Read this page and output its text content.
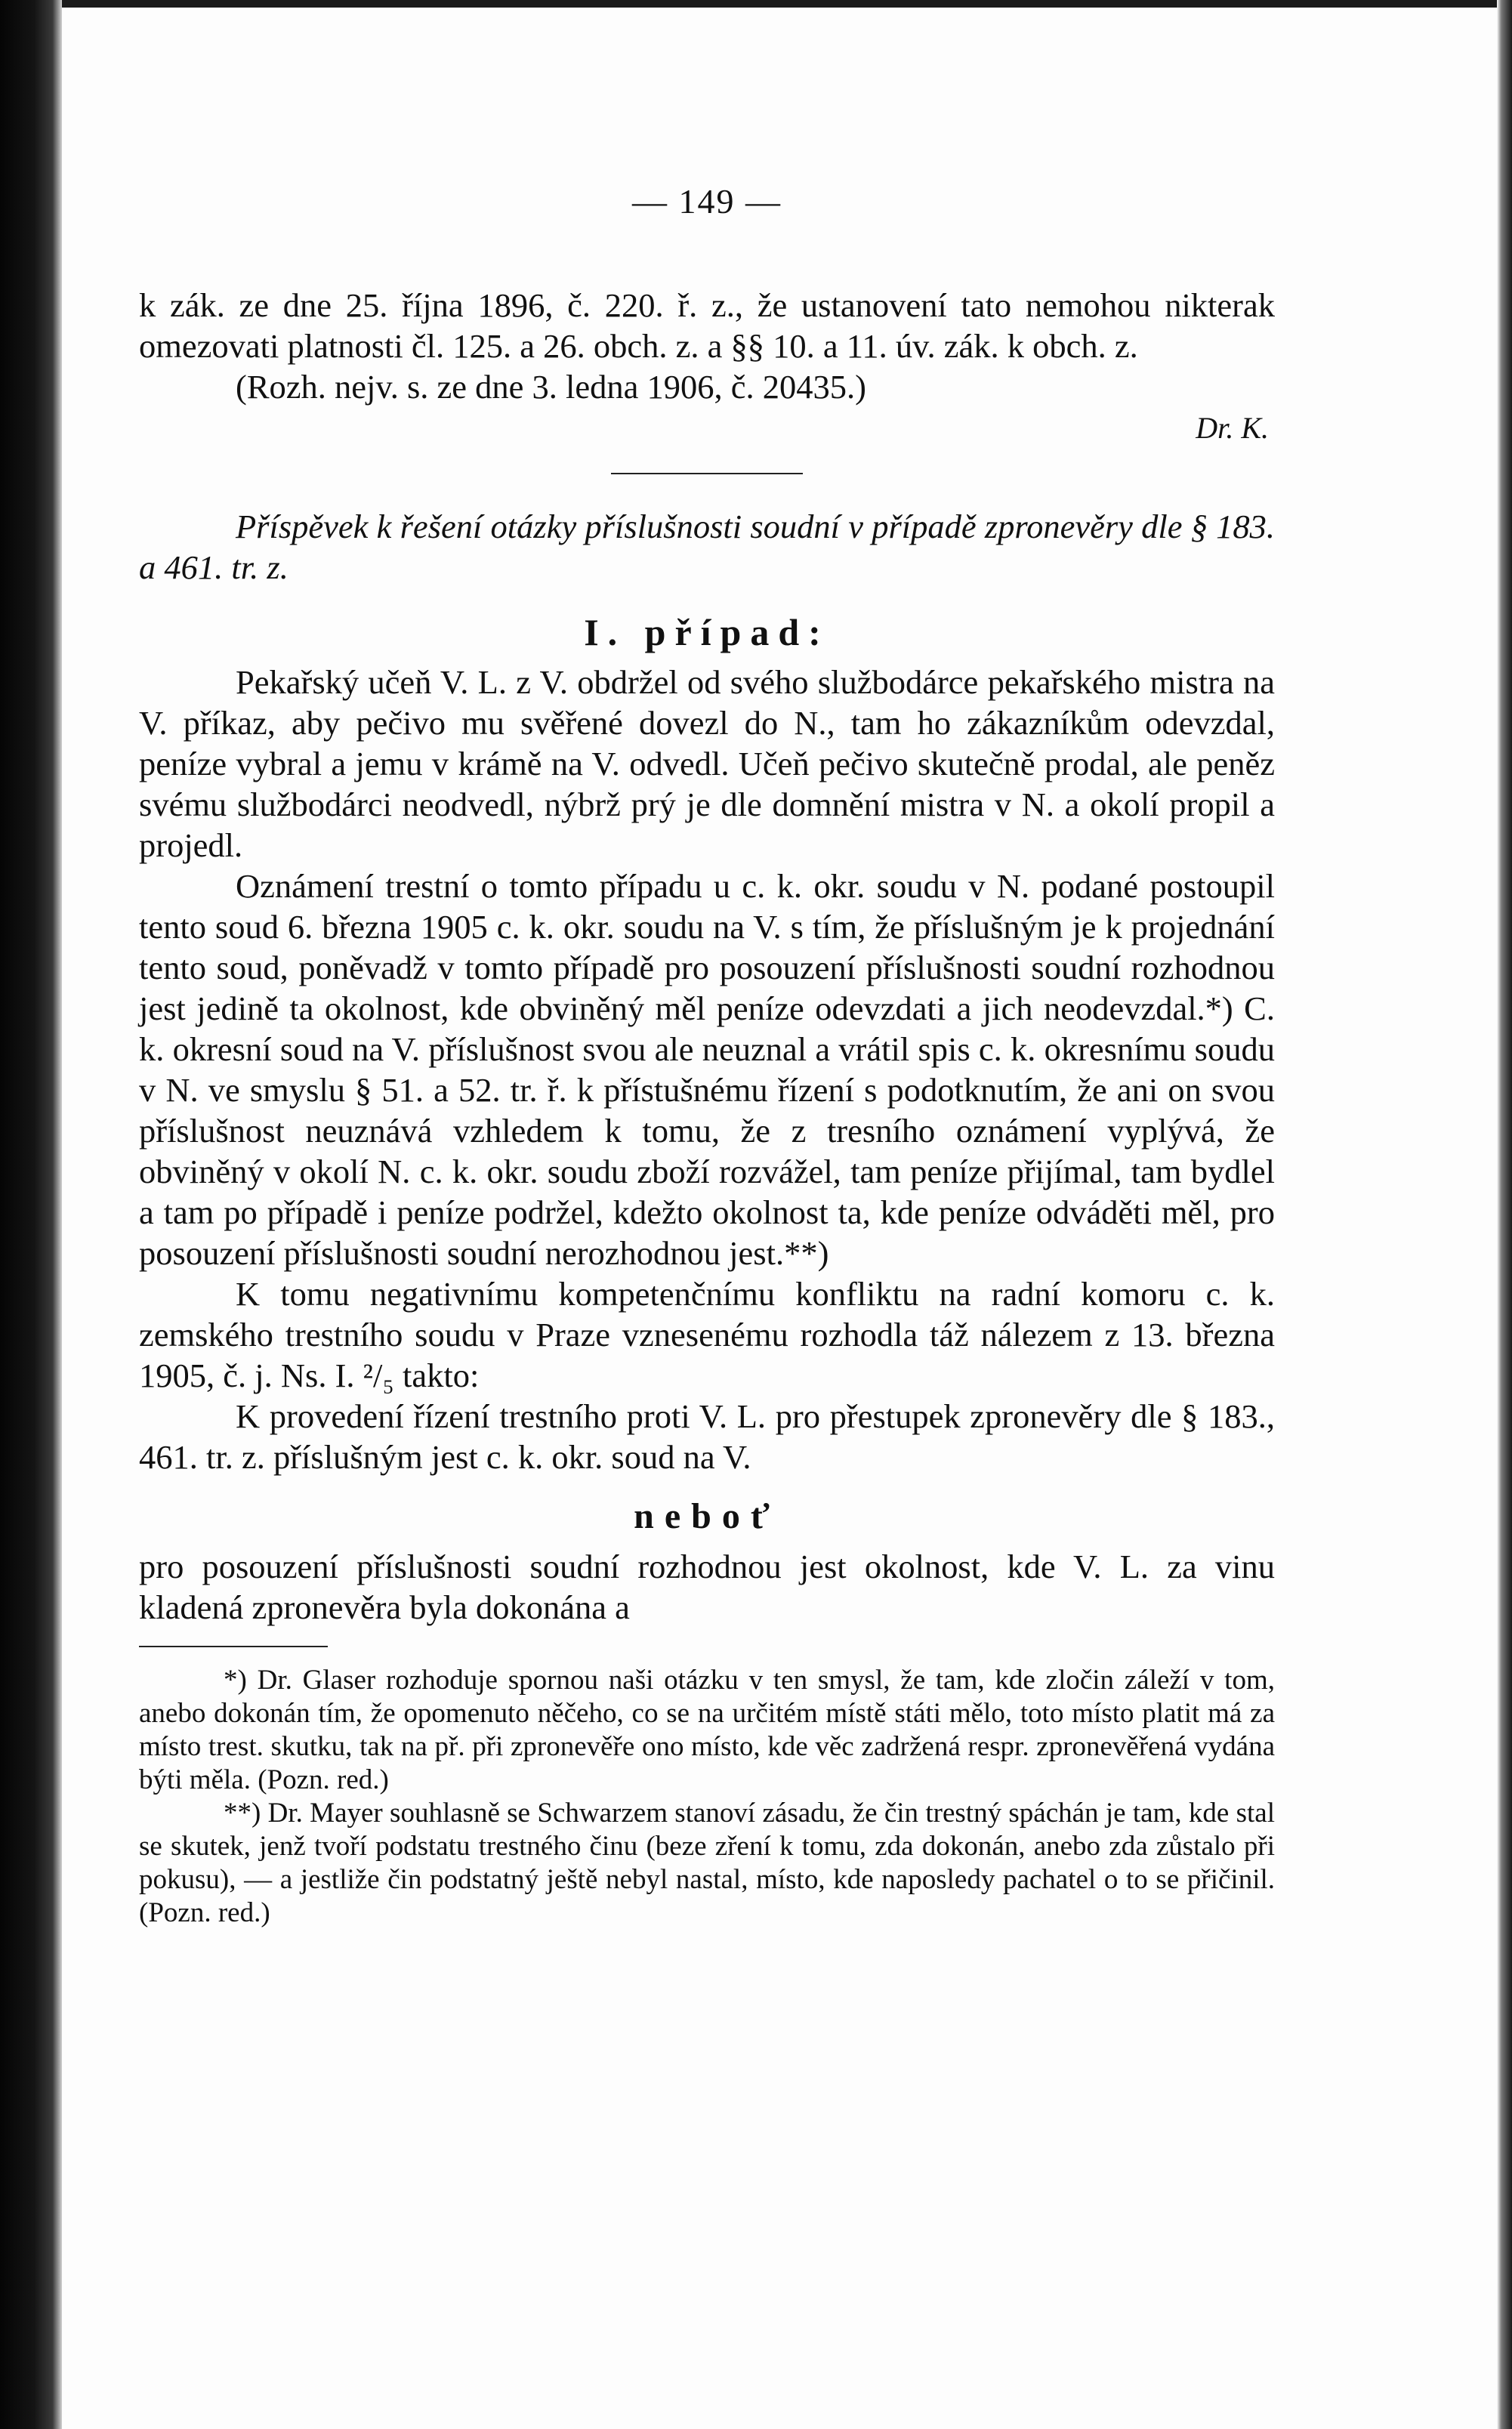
— 149 —

k zák. ze dne 25. října 1896, č. 220. ř. z., že ustanovení tato nemohou nikterak omezovati platnosti čl. 125. a 26. obch. z. a §§ 10. a 11. úv. zák. k obch. z.

(Rozh. nejv. s. ze dne 3. ledna 1906, č. 20435.)

Dr. K.

Příspěvek k řešení otázky příslušnosti soudní v případě zpronevěry dle § 183. a 461. tr. z.

I. případ:

Pekařský učeň V. L. z V. obdržel od svého službodárce pekařského mistra na V. příkaz, aby pečivo mu svěřené dovezl do N., tam ho zákazníkům odevzdal, peníze vybral a jemu v krámě na V. odvedl. Učeň pečivo skutečně prodal, ale peněz svému službodárci neodvedl, nýbrž prý je dle domnění mistra v N. a okolí propil a projedl.

Oznámení trestní o tomto případu u c. k. okr. soudu v N. podané postoupil tento soud 6. března 1905 c. k. okr. soudu na V. s tím, že příslušným je k projednání tento soud, poněvadž v tomto případě pro posouzení příslušnosti soudní rozhodnou jest jedině ta okolnost, kde obviněný měl peníze odevzdati a jich neodevzdal.*) C. k. okresní soud na V. příslušnost svou ale neuznal a vrátil spis c. k. okresnímu soudu v N. ve smyslu § 51. a 52. tr. ř. k přístušnému řízení s podotknutím, že ani on svou příslušnost neuznává vzhledem k tomu, že z tresního oznámení vyplývá, že obviněný v okolí N. c. k. okr. soudu zboží rozvážel, tam peníze přijímal, tam bydlel a tam po případě i peníze podržel, kdežto okolnost ta, kde peníze odváděti měl, pro posouzení příslušnosti soudní nerozhodnou jest.**)

K tomu negativnímu kompetenčnímu konfliktu na radní komoru c. k. zemského trestního soudu v Praze vznesenému rozhodla táž nálezem z 13. března 1905, č. j. Ns. I. ²/₅ takto:

K provedení řízení trestního proti V. L. pro přestupek zpronevěry dle § 183., 461. tr. z. příslušným jest c. k. okr. soud na V.

neboť

pro posouzení příslušnosti soudní rozhodnou jest okolnost, kde V. L. za vinu kladená zpronevěra byla dokonána a

*) Dr. Glaser rozhoduje spornou naši otázku v ten smysl, že tam, kde zločin záleží v tom, anebo dokonán tím, že opomenuto něčeho, co se na určitém místě státi mělo, toto místo platit má za místo trest. skutku, tak na př. při zpronevěře ono místo, kde věc zadržená respr. zpronevěřená vydána býti měla. (Pozn. red.)

**) Dr. Mayer souhlasně se Schwarzem stanoví zásadu, že čin trestný spáchán je tam, kde stal se skutek, jenž tvoří podstatu trestného činu (beze zření k tomu, zda dokonán, anebo zda zůstalo při pokusu), — a jestliže čin podstatný ještě nebyl nastal, místo, kde naposledy pachatel o to se přičinil. (Pozn. red.)
